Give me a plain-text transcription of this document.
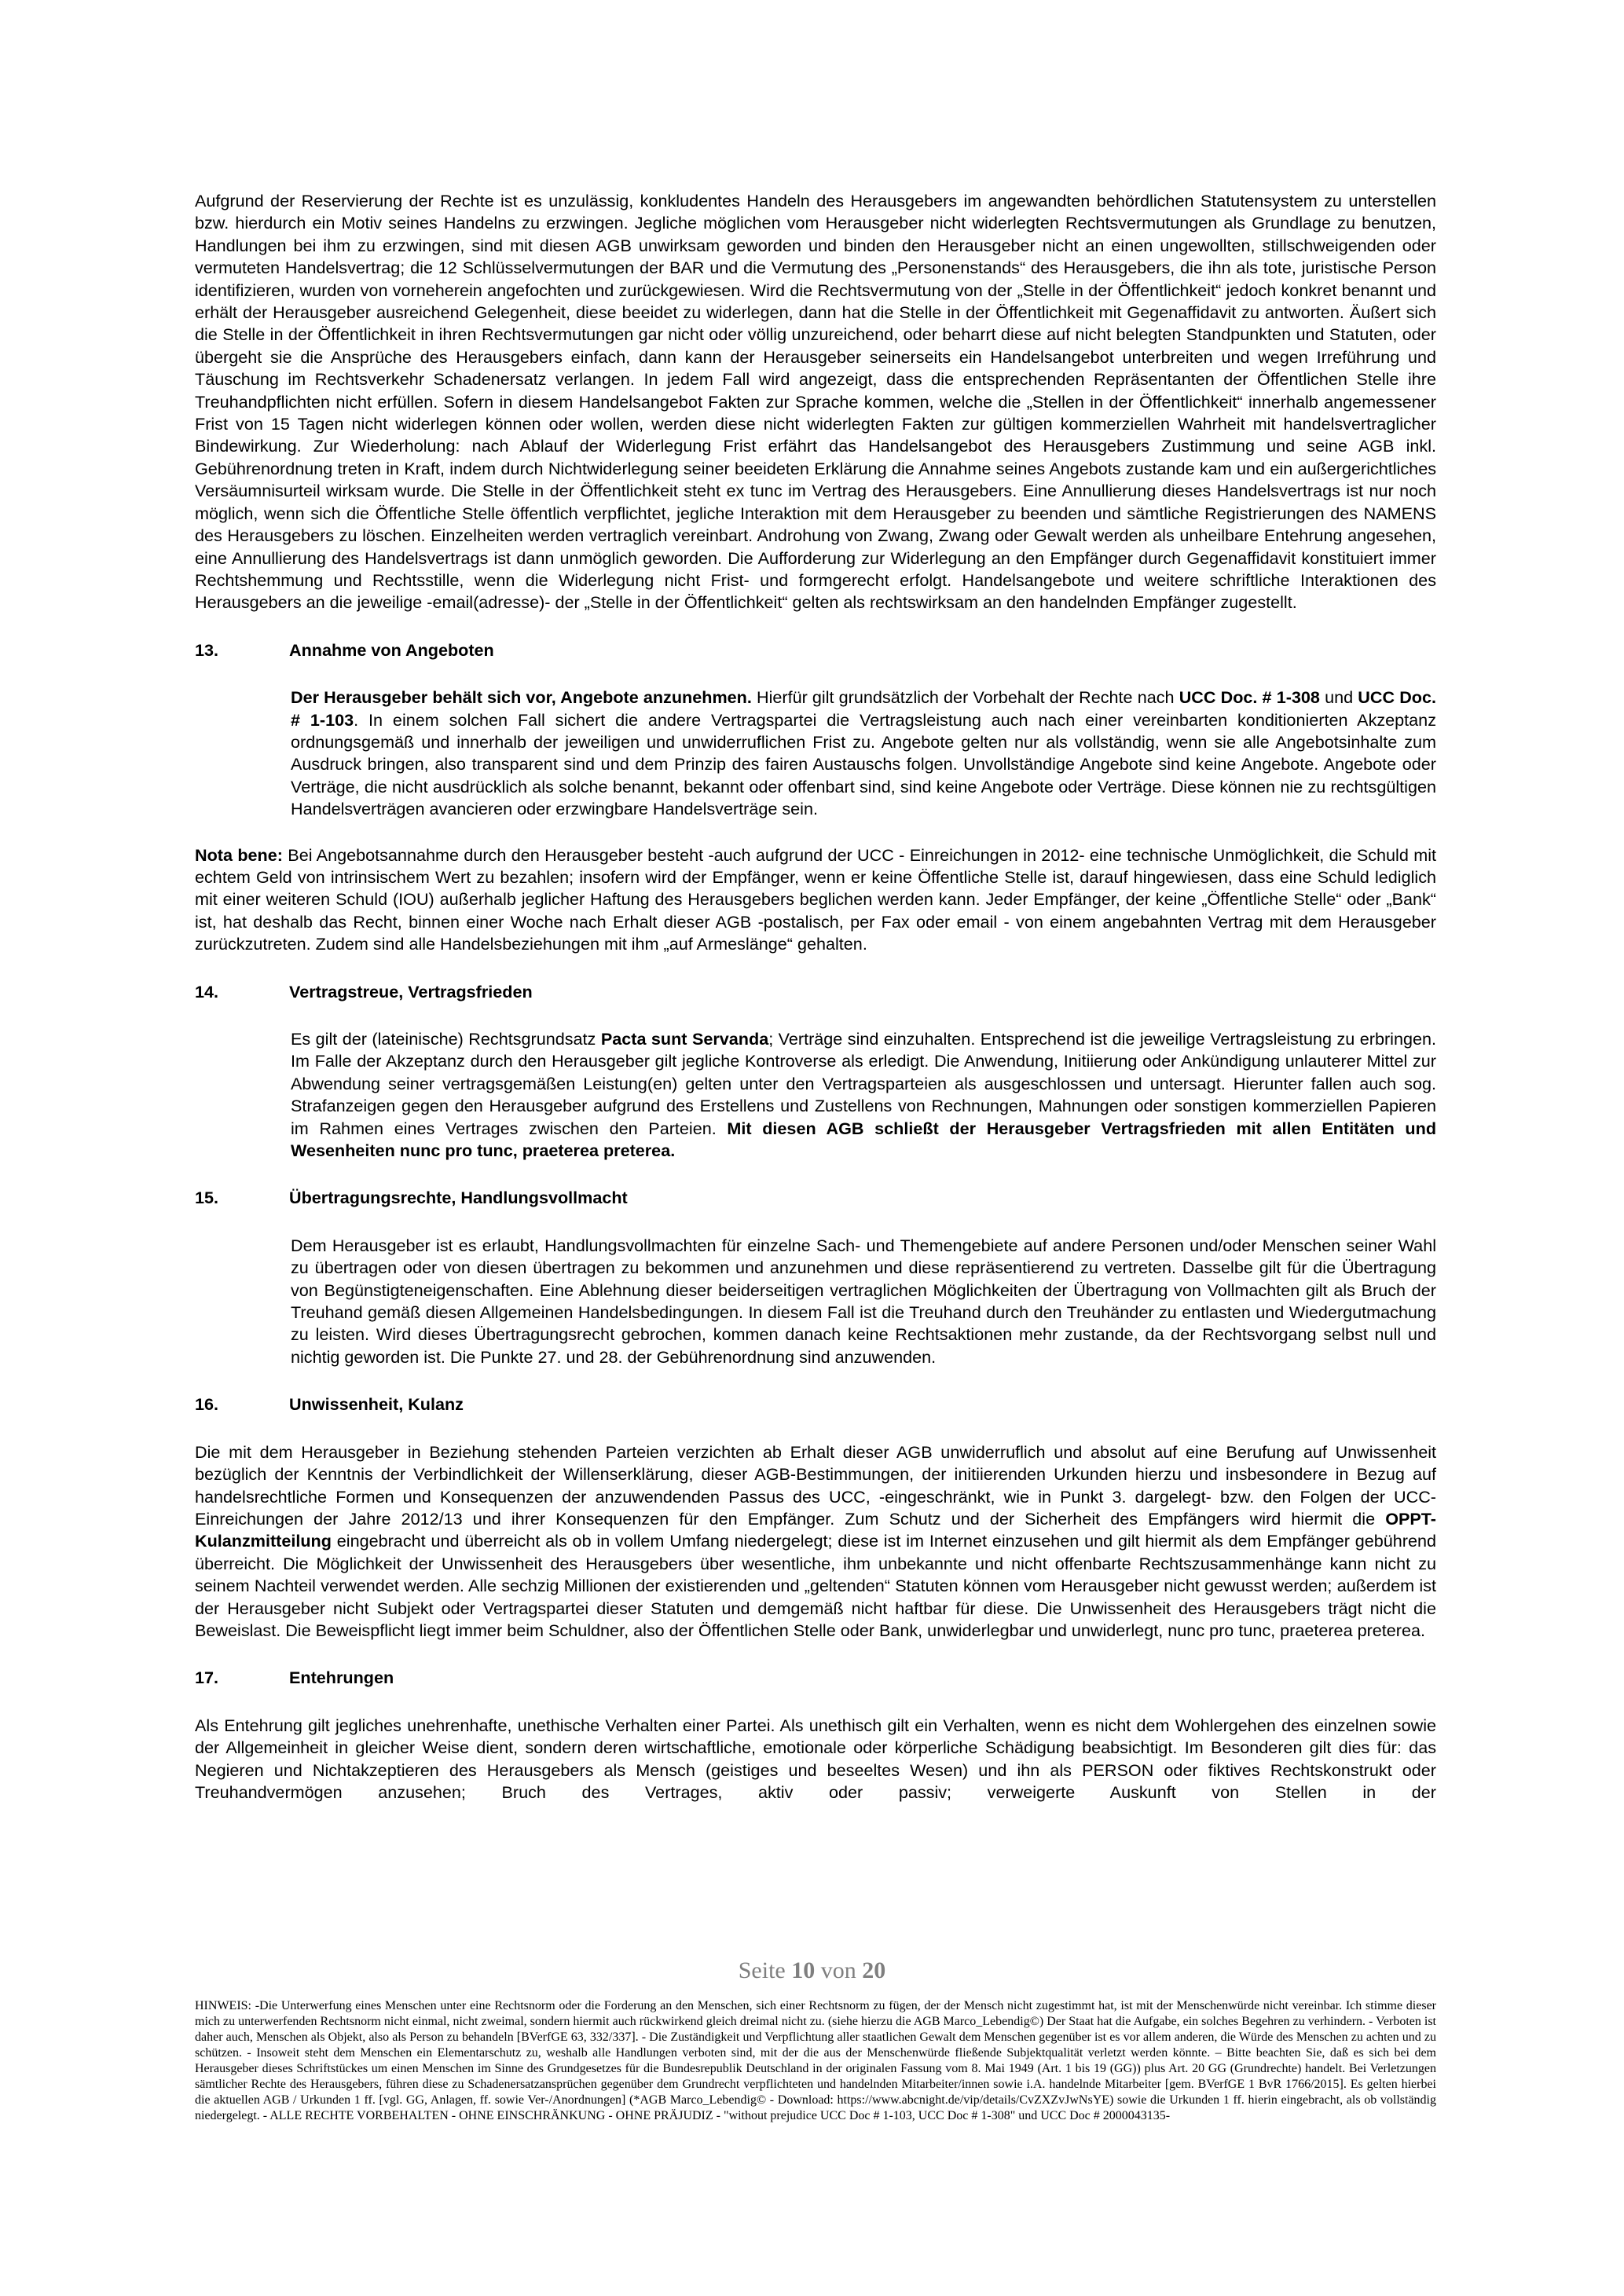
Aufgrund der Reservierung der Rechte ist es unzulässig, konkludentes Handeln des Herausgebers im angewandten behördlichen Statutensystem zu unterstellen bzw. hierdurch ein Motiv seines Handelns zu erzwingen. Jegliche möglichen vom Herausgeber nicht widerlegten Rechtsvermutungen als Grundlage zu benutzen, Handlungen bei ihm zu erzwingen, sind mit diesen AGB unwirksam geworden und binden den Herausgeber nicht an einen ungewollten, stillschweigenden oder vermuteten Handelsvertrag; die 12 Schlüsselvermutungen der BAR und die Vermutung des „Personenstands“ des Herausgebers, die ihn als tote, juristische Person identifizieren, wurden von vorneherein angefochten und zurückgewiesen. Wird die Rechtsvermutung von der „Stelle in der Öffentlichkeit“ jedoch konkret benannt und erhält der Herausgeber ausreichend Gelegenheit, diese beeidet zu widerlegen, dann hat die Stelle in der Öffentlichkeit mit Gegenaffidavit zu antworten. Äußert sich die Stelle in der Öffentlichkeit in ihren Rechtsvermutungen gar nicht oder völlig unzureichend, oder beharrt diese auf nicht belegten Standpunkten und Statuten, oder übergeht sie die Ansprüche des Herausgebers einfach, dann kann der Herausgeber seinerseits ein Handelsangebot unterbreiten und wegen Irreführung und Täuschung im Rechtsverkehr Schadenersatz verlangen. In jedem Fall wird angezeigt, dass die entsprechenden Repräsentanten der Öffentlichen Stelle ihre Treuhandpflichten nicht erfüllen. Sofern in diesem Handelsangebot Fakten zur Sprache kommen, welche die „Stellen in der Öffentlichkeit“ innerhalb angemessener Frist von 15 Tagen nicht widerlegen können oder wollen, werden diese nicht widerlegten Fakten zur gültigen kommerziellen Wahrheit mit handelsvertraglicher Bindewirkung. Zur Wiederholung: nach Ablauf der Widerlegung Frist erfährt das Handelsangebot des Herausgebers Zustimmung und seine AGB inkl. Gebührenordnung treten in Kraft, indem durch Nichtwiderlegung seiner beeideten Erklärung die Annahme seines Angebots zustande kam und ein außergerichtliches Versäumnisurteil wirksam wurde. Die Stelle in der Öffentlichkeit steht ex tunc im Vertrag des Herausgebers. Eine Annullierung dieses Handelsvertrags ist nur noch möglich, wenn sich die Öffentliche Stelle öffentlich verpflichtet, jegliche Interaktion mit dem Herausgeber zu beenden und sämtliche Registrierungen des NAMENS des Herausgebers zu löschen. Einzelheiten werden vertraglich vereinbart. Androhung von Zwang, Zwang oder Gewalt werden als unheilbare Entehrung angesehen, eine Annullierung des Handelsvertrags ist dann unmöglich geworden. Die Aufforderung zur Widerlegung an den Empfänger durch Gegenaffidavit konstituiert immer Rechtshemmung und Rechtsstille, wenn die Widerlegung nicht Frist- und formgerecht erfolgt. Handelsangebote und weitere schriftliche Interaktionen des Herausgebers an die jeweilige -email(adresse)- der „Stelle in der Öffentlichkeit“ gelten als rechtswirksam an den handelnden Empfänger zugestellt.

13.	Annahme von Angeboten

Der Herausgeber behält sich vor, Angebote anzunehmen. Hierfür gilt grundsätzlich der Vorbehalt der Rechte nach UCC Doc. # 1-308 und UCC Doc. # 1-103. In einem solchen Fall sichert die andere Vertragspartei die Vertragsleistung auch nach einer vereinbarten konditionierten Akzeptanz ordnungsgemäß und innerhalb der jeweiligen und unwiderruflichen Frist zu. Angebote gelten nur als vollständig, wenn sie alle Angebotsinhalte zum Ausdruck bringen, also transparent sind und dem Prinzip des fairen Austauschs folgen. Unvollständige Angebote sind keine Angebote. Angebote oder Verträge, die nicht ausdrücklich als solche benannt, bekannt oder offenbart sind, sind keine Angebote oder Verträge. Diese können nie zu rechtsgültigen Handelsverträgen avancieren oder erzwingbare Handelsverträge sein.

Nota bene: Bei Angebotsannahme durch den Herausgeber besteht -auch aufgrund der UCC - Einreichungen in 2012- eine technische Unmöglichkeit, die Schuld mit echtem Geld von intrinsischem Wert zu bezahlen; insofern wird der Empfänger, wenn er keine Öffentliche Stelle ist, darauf hingewiesen, dass eine Schuld lediglich mit einer weiteren Schuld (IOU) außerhalb jeglicher Haftung des Herausgebers beglichen werden kann. Jeder Empfänger, der keine „Öffentliche Stelle“ oder „Bank“ ist, hat deshalb das Recht, binnen einer Woche nach Erhalt dieser AGB -postalisch, per Fax oder email - von einem angebahnten Vertrag mit dem Herausgeber zurückzutreten. Zudem sind alle Handelsbeziehungen mit ihm „auf Armeslänge“ gehalten.

14.	Vertragstreue, Vertragsfrieden

Es gilt der (lateinische) Rechtsgrundsatz Pacta sunt Servanda; Verträge sind einzuhalten. Entsprechend ist die jeweilige Vertragsleistung zu erbringen. Im Falle der Akzeptanz durch den Herausgeber gilt jegliche Kontroverse als erledigt. Die Anwendung, Initiierung oder Ankündigung unlauterer Mittel zur Abwendung seiner vertragsgemäßen Leistung(en) gelten unter den Vertragsparteien als ausgeschlossen und untersagt. Hierunter fallen auch sog. Strafanzeigen gegen den Herausgeber aufgrund des Erstellens und Zustellens von Rechnungen, Mahnungen oder sonstigen kommerziellen Papieren im Rahmen eines Vertrages zwischen den Parteien. Mit diesen AGB schließt der Herausgeber Vertragsfrieden mit allen Entitäten und Wesenheiten nunc pro tunc, praeterea preterea.

15.	Übertragungsrechte, Handlungsvollmacht

Dem Herausgeber ist es erlaubt, Handlungsvollmachten für einzelne Sach- und Themengebiete auf andere Personen und/oder Menschen seiner Wahl zu übertragen oder von diesen übertragen zu bekommen und anzunehmen und diese repräsentierend zu vertreten. Dasselbe gilt für die Übertragung von Begünstigteneigenschaften. Eine Ablehnung dieser beiderseitigen vertraglichen Möglichkeiten der Übertragung von Vollmachten gilt als Bruch der Treuhand gemäß diesen Allgemeinen Handelsbedingungen. In diesem Fall ist die Treuhand durch den Treuhänder zu entlasten und Wiedergutmachung zu leisten. Wird dieses Übertragungsrecht gebrochen, kommen danach keine Rechtsaktionen mehr zustande, da der Rechtsvorgang selbst null und nichtig geworden ist. Die Punkte 27. und 28. der Gebührenordnung sind anzuwenden.

16.	Unwissenheit, Kulanz

Die mit dem Herausgeber in Beziehung stehenden Parteien verzichten ab Erhalt dieser AGB unwiderruflich und absolut auf eine Berufung auf Unwissenheit bezüglich der Kenntnis der Verbindlichkeit der Willenserklärung, dieser AGB-Bestimmungen, der initiierenden Urkunden hierzu und insbesondere in Bezug auf handelsrechtliche Formen und Konsequenzen der anzuwendenden Passus des UCC, -eingeschränkt, wie in Punkt 3. dargelegt- bzw. den Folgen der UCC-Einreichungen der Jahre 2012/13 und ihrer Konsequenzen für den Empfänger. Zum Schutz und der Sicherheit des Empfängers wird hiermit die OPPT-Kulanzmitteilung eingebracht und überreicht als ob in vollem Umfang niedergelegt; diese ist im Internet einzusehen und gilt hiermit als dem Empfänger gebührend überreicht. Die Möglichkeit der Unwissenheit des Herausgebers über wesentliche, ihm unbekannte und nicht offenbarte Rechtszusammenhänge kann nicht zu seinem Nachteil verwendet werden. Alle sechzig Millionen der existierenden und „geltenden“ Statuten können vom Herausgeber nicht gewusst werden; außerdem ist der Herausgeber nicht Subjekt oder Vertragspartei dieser Statuten und demgemäß nicht haftbar für diese. Die Unwissenheit des Herausgebers trägt nicht die Beweislast. Die Beweispflicht liegt immer beim Schuldner, also der Öffentlichen Stelle oder Bank, unwiderlegbar und unwiderlegt, nunc pro tunc, praeterea preterea.

17.	Entehrungen

Als Entehrung gilt jegliches unehrenhafte, unethische Verhalten einer Partei. Als unethisch gilt ein Verhalten, wenn es nicht dem Wohlergehen des einzelnen sowie der Allgemeinheit in gleicher Weise dient, sondern deren wirtschaftliche, emotionale oder körperliche Schädigung beabsichtigt. Im Besonderen gilt dies für: das Negieren und Nichtakzeptieren des Herausgebers als Mensch (geistiges und beseeltes Wesen) und ihn als PERSON oder fiktives Rechtskonstrukt oder Treuhandvermögen anzusehen; Bruch des Vertrages, aktiv oder passiv; verweigerte Auskunft von Stellen in der

Seite 10 von 20
HINWEIS: -Die Unterwerfung eines Menschen unter eine Rechtsnorm oder die Forderung an den Menschen, sich einer Rechtsnorm zu fügen, der der Mensch nicht zugestimmt hat, ist mit der Menschenwürde nicht vereinbar. Ich stimme dieser mich zu unterwerfenden Rechtsnorm nicht einmal, nicht zweimal, sondern hiermit auch rückwirkend gleich dreimal nicht zu. (siehe hierzu die AGB Marco_Lebendig©) Der Staat hat die Aufgabe, ein solches Begehren zu verhindern. - Verboten ist daher auch, Menschen als Objekt, also als Person zu behandeln [BVerfGE 63, 332/337]. - Die Zuständigkeit und Verpflichtung aller staatlichen Gewalt dem Menschen gegenüber ist es vor allem anderen, die Würde des Menschen zu achten und zu schützen. - Insoweit steht dem Menschen ein Elementarschutz zu, weshalb alle Handlungen verboten sind, mit der die aus der Menschenwürde fließende Subjektqualität verletzt werden könnte. – Bitte beachten Sie, daß es sich bei dem Herausgeber dieses Schriftstückes um einen Menschen im Sinne des Grundgesetzes für die Bundesrepublik Deutschland in der originalen Fassung vom 8. Mai 1949 (Art. 1 bis 19 (GG)) plus Art. 20 GG (Grundrechte) handelt. Bei Verletzungen sämtlicher Rechte des Herausgebers, führen diese zu Schadenersatzansprüchen gegenüber dem Grundrecht verpflichteten und handelnden Mitarbeiter/innen sowie i.A. handelnde Mitarbeiter [gem. BVerfGE 1 BvR 1766/2015]. Es gelten hierbei die aktuellen AGB / Urkunden 1 ff. [vgl. GG, Anlagen, ff. sowie Ver-/Anordnungen] (*AGB Marco_Lebendig© - Download: https://www.abcnight.de/vip/details/CvZXZvJwNsYE) sowie die Urkunden 1 ff. hierin eingebracht, als ob vollständig niedergelegt. - ALLE RECHTE VORBEHALTEN - OHNE EINSCHRÄNKUNG - OHNE PRÄJUDIZ - "without prejudice UCC Doc # 1-103, UCC Doc # 1-308" und UCC Doc # 2000043135-
